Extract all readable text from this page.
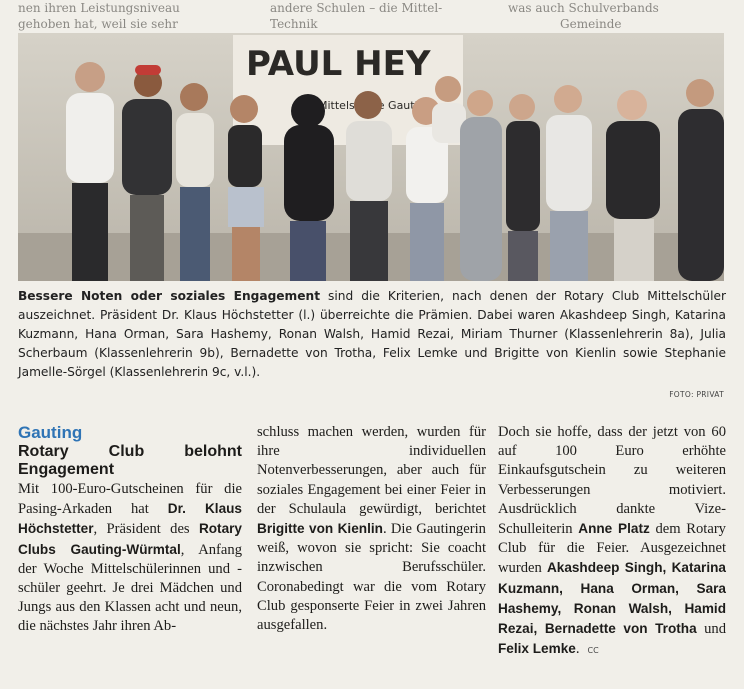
nen ihren Leistungsniveau	andere Schulen – die Mittel-	was auch Schulverbands
gehoben hat, weil sie sehr	Technik	Gemeinde
PAUL HEY
Mittelschule Gauting
Bessere Noten oder soziales Engagement sind die Kriterien, nach denen der Rotary Club Mittelschüler auszeichnet. Präsident Dr. Klaus Höchstetter (l.) überreichte die Prämien. Dabei waren Akashdeep Singh, Katarina Kuzmann, Hana Orman, Sara Hashemy, Ronan Walsh, Hamid Rezai, Miriam Thurner (Klassenlehrerin 8a), Julia Scherbaum (Klassenlehrerin 9b), Bernadette von Trotha, Felix Lemke und Brigitte von Kienlin sowie Stephanie Jamelle-Sörgel (Klassenlehrerin 9c, v.l.).
FOTO: PRIVAT
Gauting
Rotary Club belohnt Engagement
Mit 100-Euro-Gutscheinen für die Pasing-Arkaden hat Dr. Klaus Höchstetter, Präsident des Rotary Clubs Gauting-Würmtal, Anfang der Woche Mittelschülerinnen und -schüler geehrt. Je drei Mädchen und Jungs aus den Klassen acht und neun, die nächstes Jahr ihren Ab-
schluss machen werden, wurden für ihre individuellen Notenverbesserungen, aber auch für soziales Engagement bei einer Feier in der Schulaula gewürdigt, berichtet Brigitte von Kienlin. Die Gautingerin weiß, wovon sie spricht: Sie coacht inzwischen Berufsschüler. Coronabedingt war die vom Rotary Club gesponserte Feier in zwei Jahren ausgefallen.
Doch sie hoffe, dass der jetzt von 60 auf 100 Euro erhöhte Einkaufsgutschein zu weiteren Verbesserungen motiviert. Ausdrücklich dankte Vize-Schulleiterin Anne Platz dem Rotary Club für die Feier. Ausgezeichnet wurden Akashdeep Singh, Katarina Kuzmann, Hana Orman, Sara Hashemy, Ronan Walsh, Hamid Rezai, Bernadette von Trotha und Felix Lemke. CC
